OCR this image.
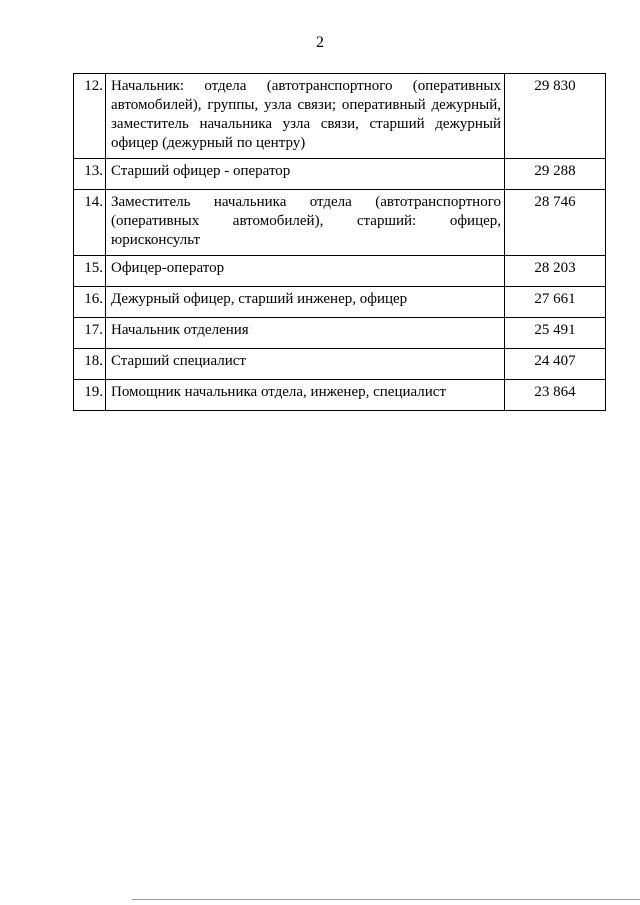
2
12.	Начальник: отдела (автотранспортного (оперативных автомобилей), группы, узла связи; оперативный дежурный, заместитель начальника узла связи, старший дежурный офицер (дежурный по центру)	29 830
13.	Старший офицер - оператор	29 288
14.	Заместитель начальника отдела (автотранспортного (оперативных автомобилей), старший: офицер, юрисконсульт	28 746
15.	Офицер-оператор	28 203
16.	Дежурный офицер, старший инженер, офицер	27 661
17.	Начальник отделения	25 491
18.	Старший специалист	24 407
19.	Помощник начальника отдела, инженер, специалист	23 864
